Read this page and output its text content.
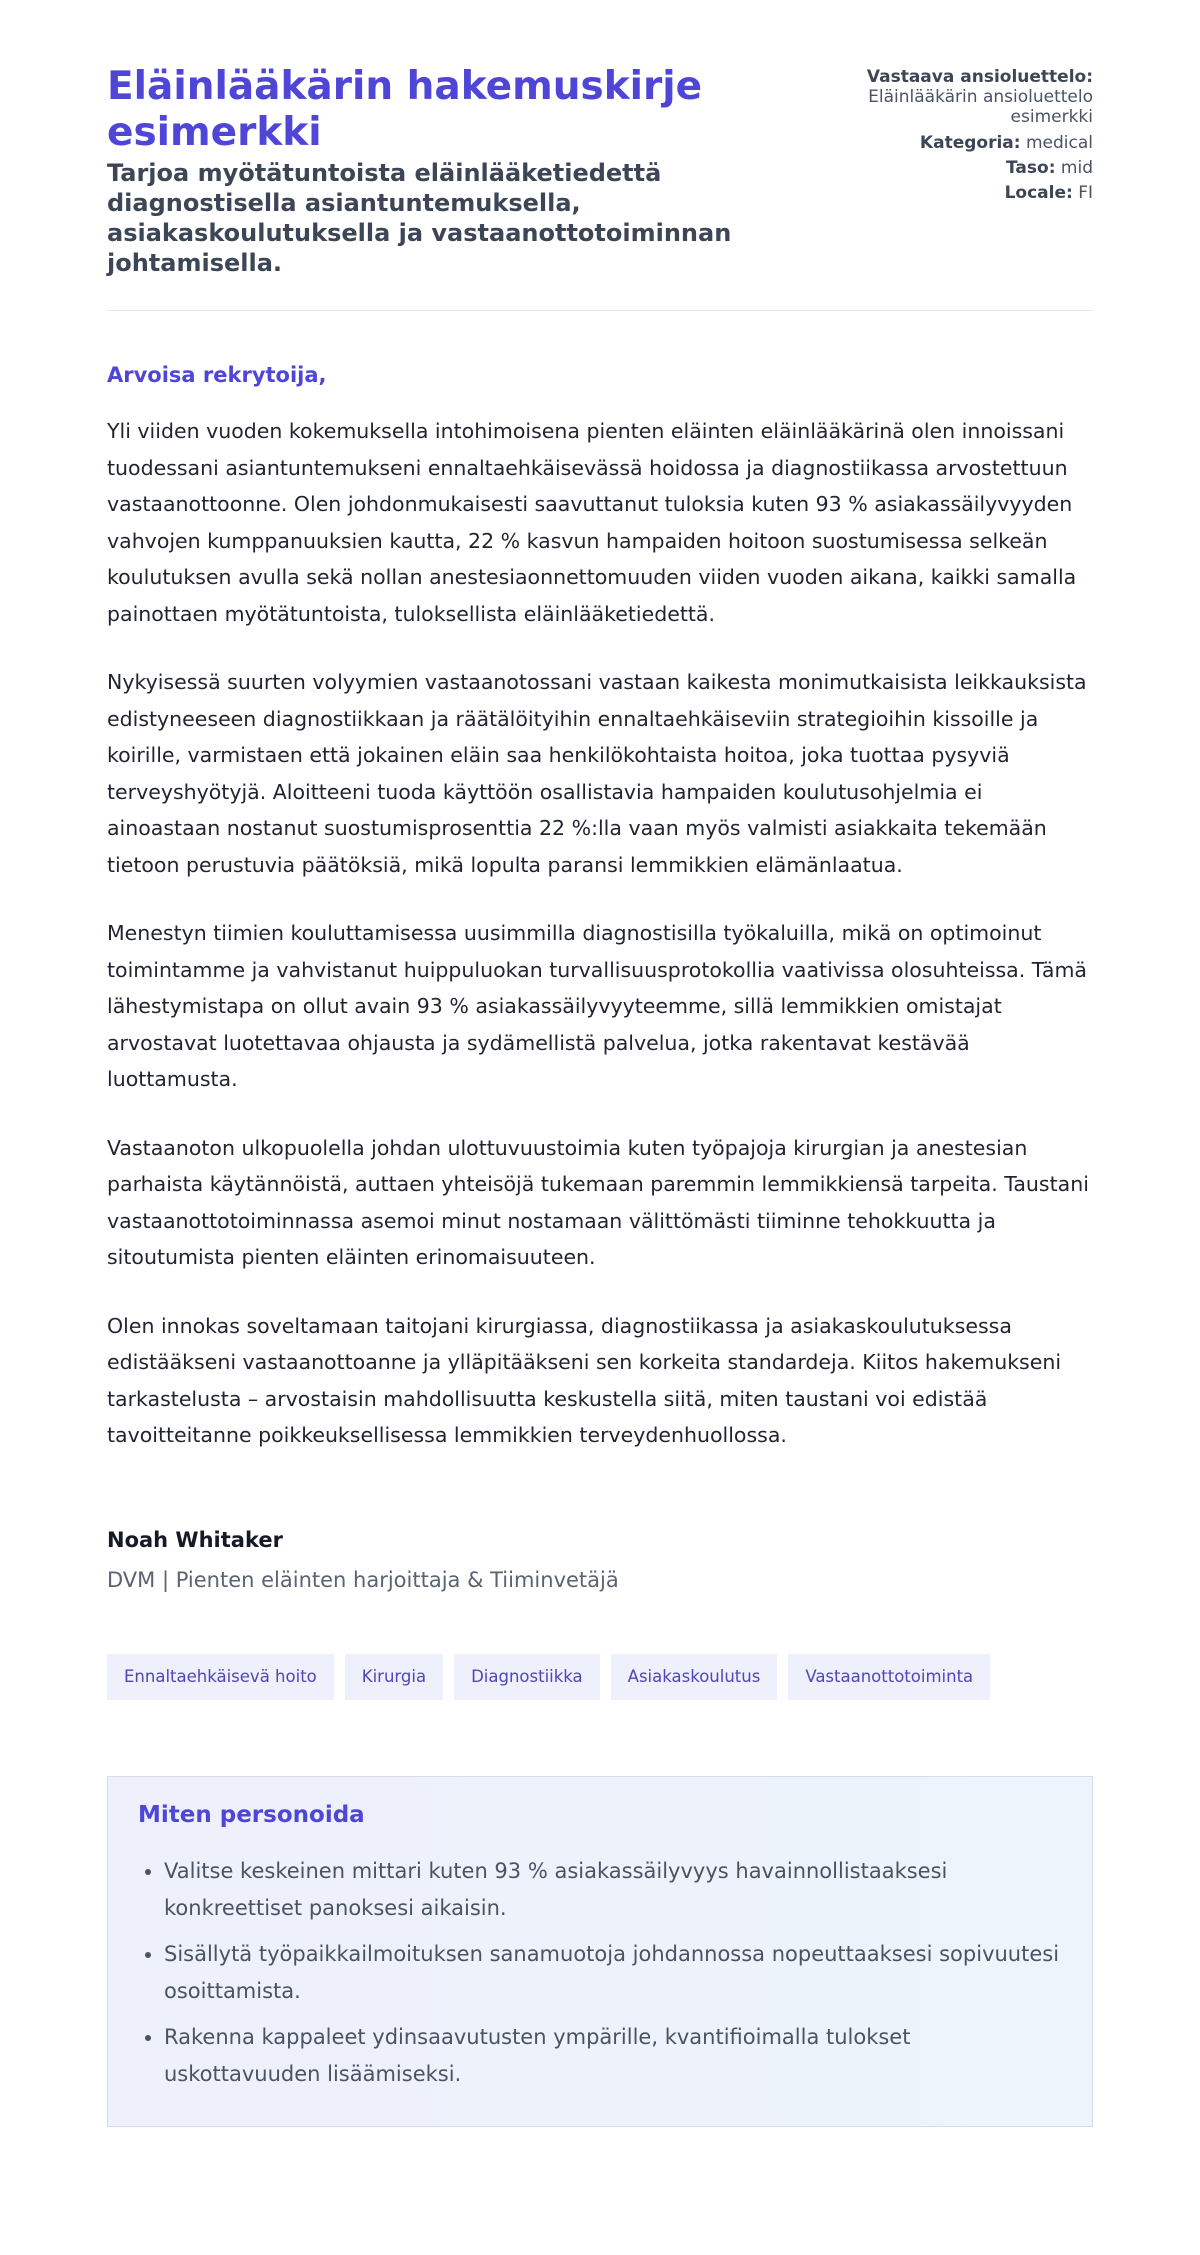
Eläinlääkärin hakemuskirje esimerkki
Tarjoa myötätuntoista eläinlääketiedettä diagnostisella asiantuntemuksella, asiakaskoulutuksella ja vastaanottotoiminnan johtamisella.
Vastaava ansioluettelo:
Eläinlääkärin ansioluettelo esimerkki
Kategoria: medical
Taso: mid
Locale: FI

Arvoisa rekrytoija,

Yli viiden vuoden kokemuksella intohimoisena pienten eläinten eläinlääkärinä olen innoissani tuodessani asiantuntemukseni ennaltaehkäisevässä hoidossa ja diagnostiikassa arvostettuun vastaanottoonne. Olen johdonmukaisesti saavuttanut tuloksia kuten 93 % asiakassäilyvyyden vahvojen kumppanuuksien kautta, 22 % kasvun hampaiden hoitoon suostumisessa selkeän koulutuksen avulla sekä nollan anestesiaonnettomuuden viiden vuoden aikana, kaikki samalla painottaen myötätuntoista, tuloksellista eläinlääketiedettä.

Nykyisessä suurten volyymien vastaanotossani vastaan kaikesta monimutkaisista leikkauksista edistyneeseen diagnostiikkaan ja räätälöityihin ennaltaehkäiseviin strategioihin kissoille ja koirille, varmistaen että jokainen eläin saa henkilökohtaista hoitoa, joka tuottaa pysyviä terveyshyötyjä. Aloitteeni tuoda käyttöön osallistavia hampaiden koulutusohjelmia ei ainoastaan nostanut suostumisprosenttia 22 %:lla vaan myös valmisti asiakkaita tekemään tietoon perustuvia päätöksiä, mikä lopulta paransi lemmikkien elämänlaatua.

Menestyn tiimien kouluttamisessa uusimmilla diagnostisilla työkaluilla, mikä on optimoinut toimintamme ja vahvistanut huippuluokan turvallisuusprotokollia vaativissa olosuhteissa. Tämä lähestymistapa on ollut avain 93 % asiakassäilyvyyteemme, sillä lemmikkien omistajat arvostavat luotettavaa ohjausta ja sydämellistä palvelua, jotka rakentavat kestävää luottamusta.

Vastaanoton ulkopuolella johdan ulottuvuustoimia kuten työpajoja kirurgian ja anestesian parhaista käytännöistä, auttaen yhteisöjä tukemaan paremmin lemmikkiensä tarpeita. Taustani vastaanottotoiminnassa asemoi minut nostamaan välittömästi tiiminne tehokkuutta ja sitoutumista pienten eläinten erinomaisuuteen.

Olen innokas soveltamaan taitojani kirurgiassa, diagnostiikassa ja asiakaskoulutuksessa edistääkseni vastaanottoanne ja ylläpitääkseni sen korkeita standardeja. Kiitos hakemukseni tarkastelusta – arvostaisin mahdollisuutta keskustella siitä, miten taustani voi edistää tavoitteitanne poikkeuksellisessa lemmikkien terveydenhuollossa.

Noah Whitaker
DVM | Pienten eläinten harjoittaja & Tiiminvetäjä
Ennaltaehkäisevä hoito	Kirurgia	Diagnostiikka	Asiakaskoulutus	Vastaanottotoiminta
Miten personoida
• Valitse keskeinen mittari kuten 93 % asiakassäilyvyys havainnollistaaksesi konkreettiset panoksesi aikaisin.
• Sisällytä työpaikkailmoituksen sanamuotoja johdannossa nopeuttaaksesi sopivuutesi osoittamista.
• Rakenna kappaleet ydinsaavutusten ympärille, kvantifioimalla tulokset uskottavuuden lisäämiseksi.
